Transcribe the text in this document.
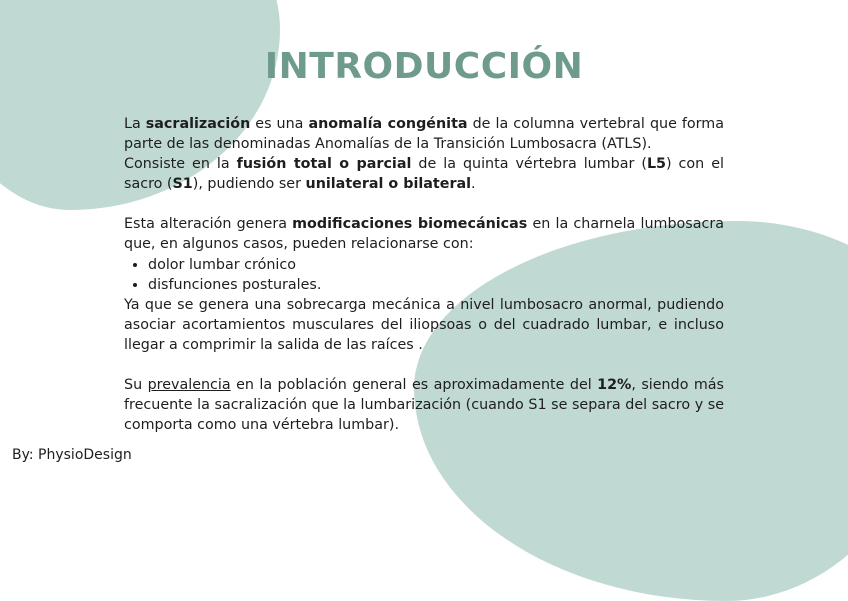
INTRODUCCIÓN

La sacralización es una anomalía congénita de la columna vertebral que forma parte de las denominadas Anomalías de la Transición Lumbosacra (ATLS).

Consiste en la fusión total o parcial de la quinta vértebra lumbar (L5) con el sacro (S1), pudiendo ser unilateral o bilateral.

Esta alteración genera modificaciones biomecánicas en la charnela lumbosacra que, en algunos casos, pueden relacionarse con:

• dolor lumbar crónico
• disfunciones posturales.

Ya que se genera una sobrecarga mecánica a nivel lumbosacro anormal, pudiendo asociar acortamientos musculares del iliopsoas o del cuadrado lumbar, e incluso llegar a comprimir la salida de las raíces .

Su prevalencia en la población general es aproximadamente del 12%, siendo más frecuente la sacralización que la lumbarización (cuando S1 se separa del sacro y se comporta como una vértebra lumbar).

By: PhysioDesign
